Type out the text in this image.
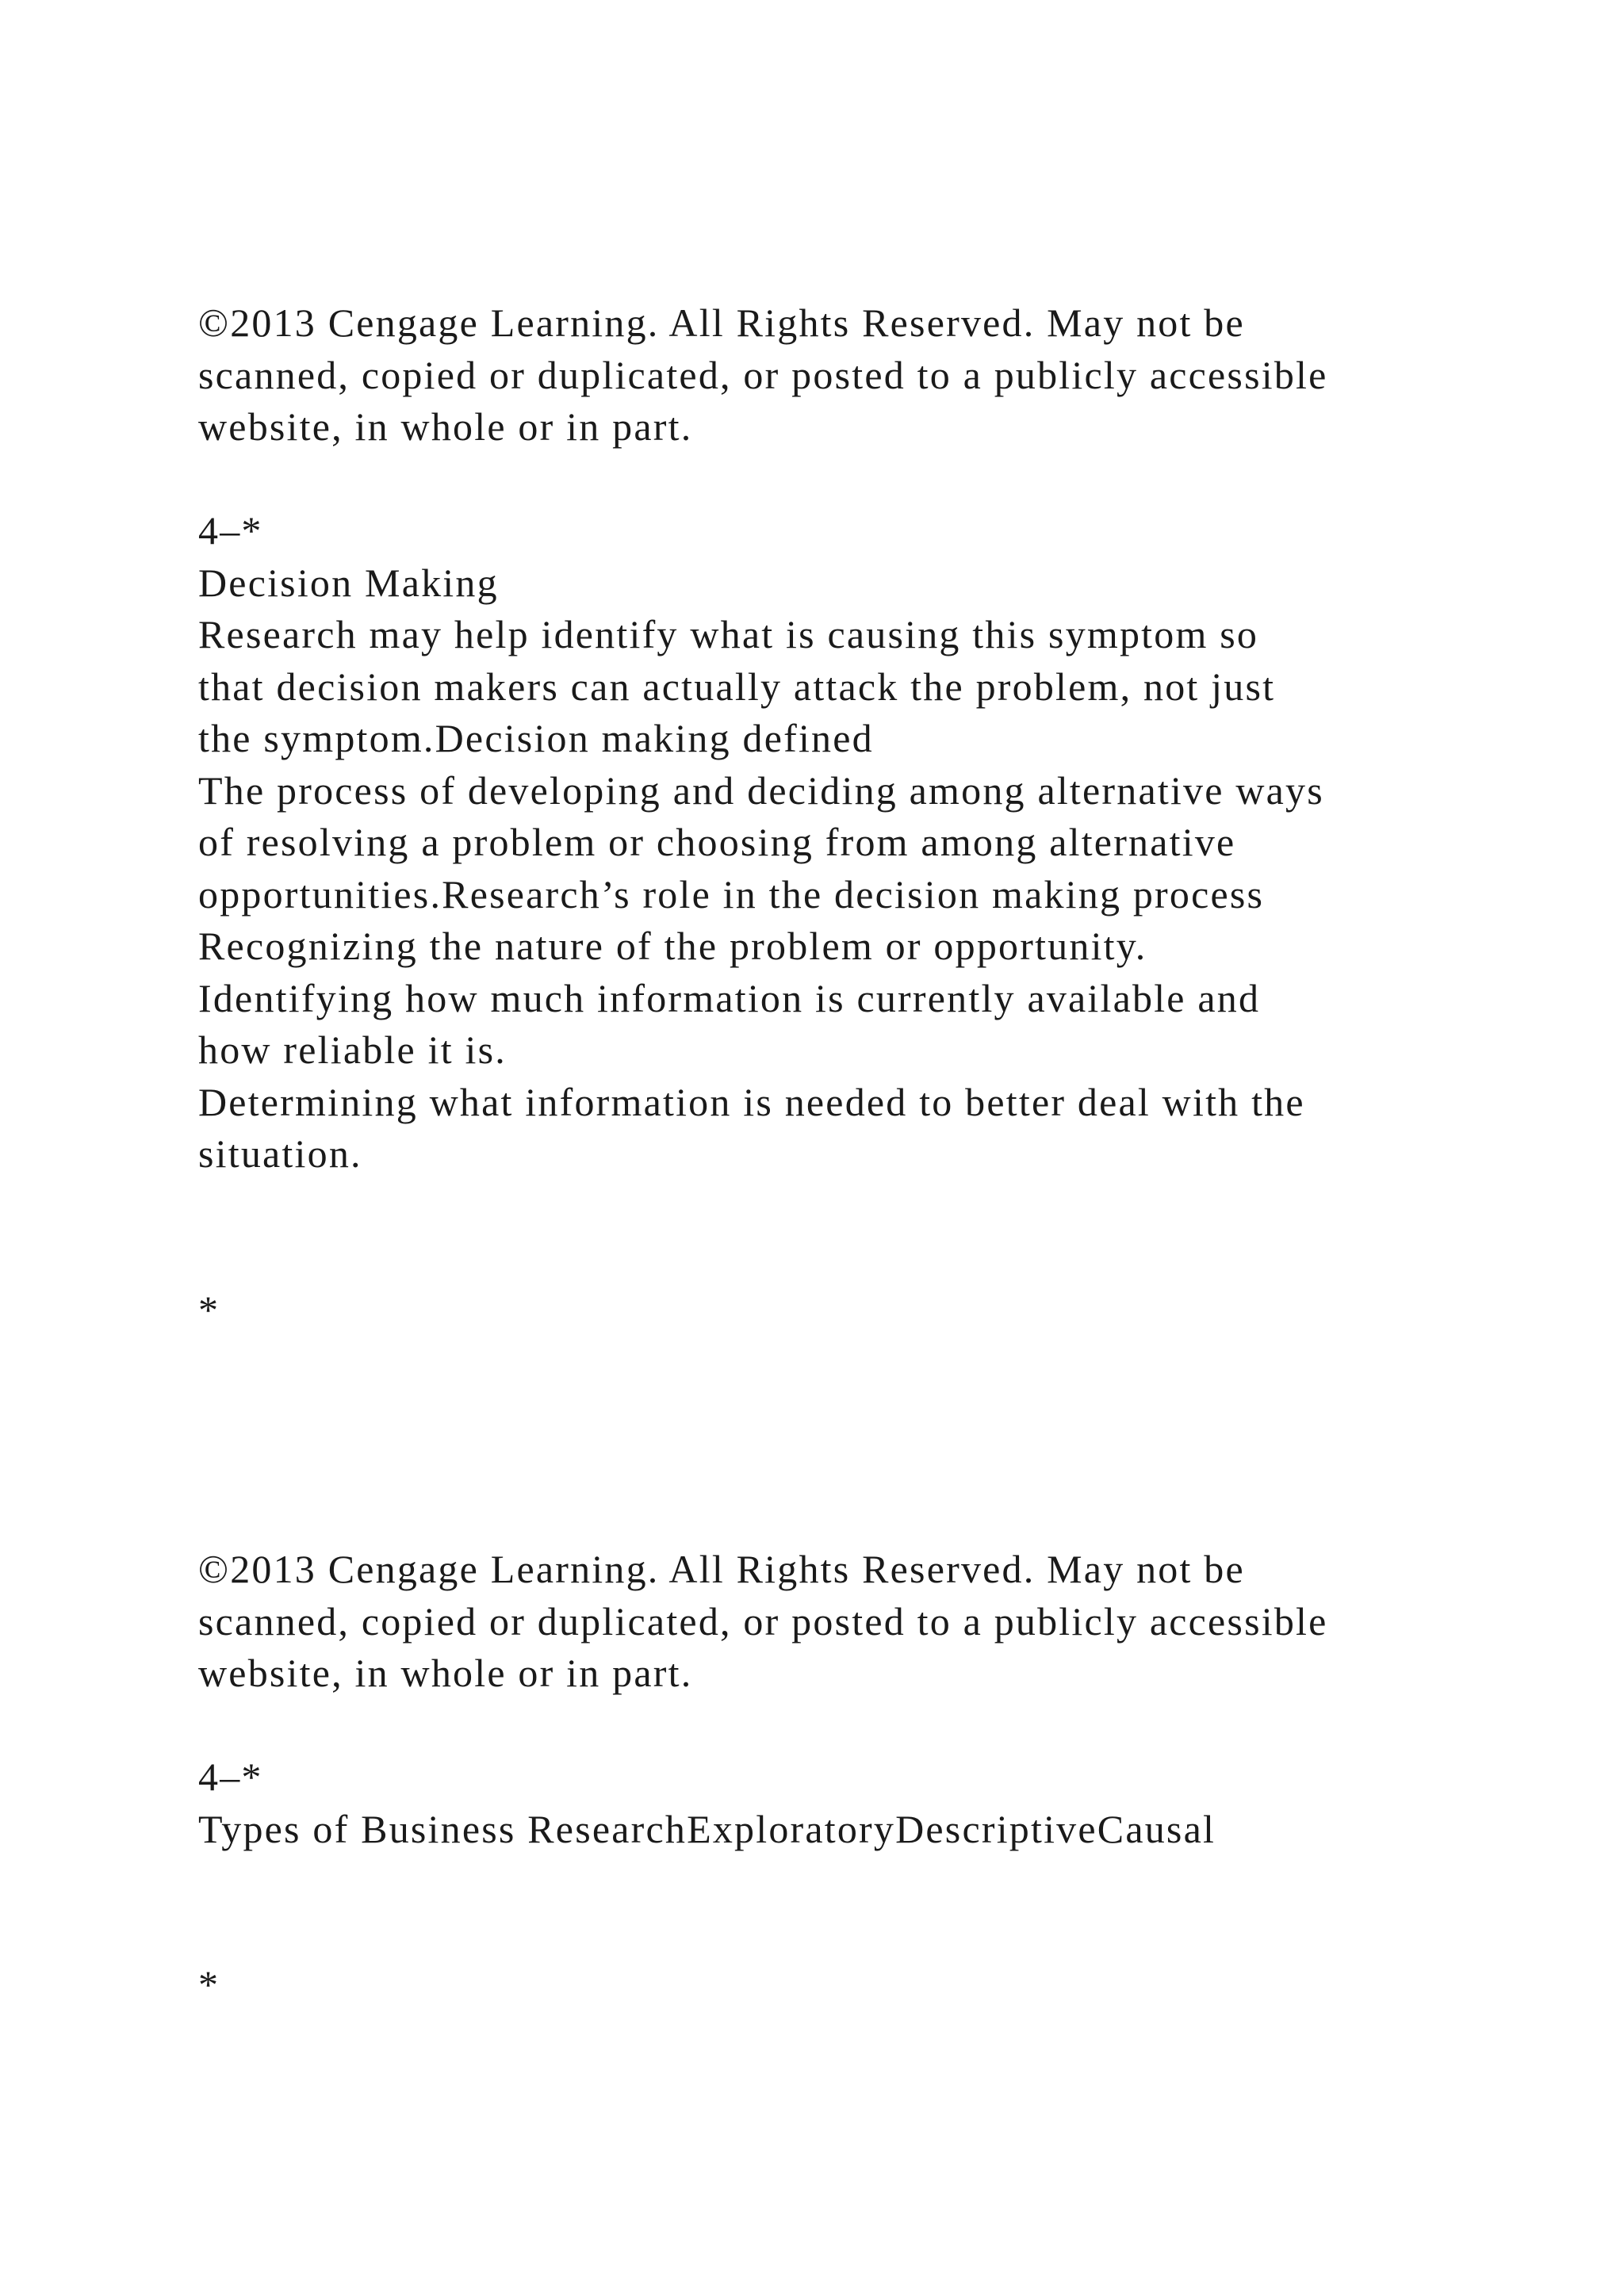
©2013 Cengage Learning. All Rights Reserved. May not be

scanned, copied or duplicated, or posted to a publicly accessible

website, in whole or in part.

4–*

Decision Making

Research may help identify what is causing this symptom so

that decision makers can actually attack the problem, not just

the symptom.Decision making defined

The process of developing and deciding among alternative ways

of resolving a problem or choosing from among alternative

opportunities.Research’s role in the decision making process

Recognizing the nature of the problem or opportunity.

Identifying how much information is currently available and

how reliable it is.

Determining what information is needed to better deal with the

situation.

*

©2013 Cengage Learning. All Rights Reserved. May not be

scanned, copied or duplicated, or posted to a publicly accessible

website, in whole or in part.

4–*

Types of Business ResearchExploratoryDescriptiveCausal

*
